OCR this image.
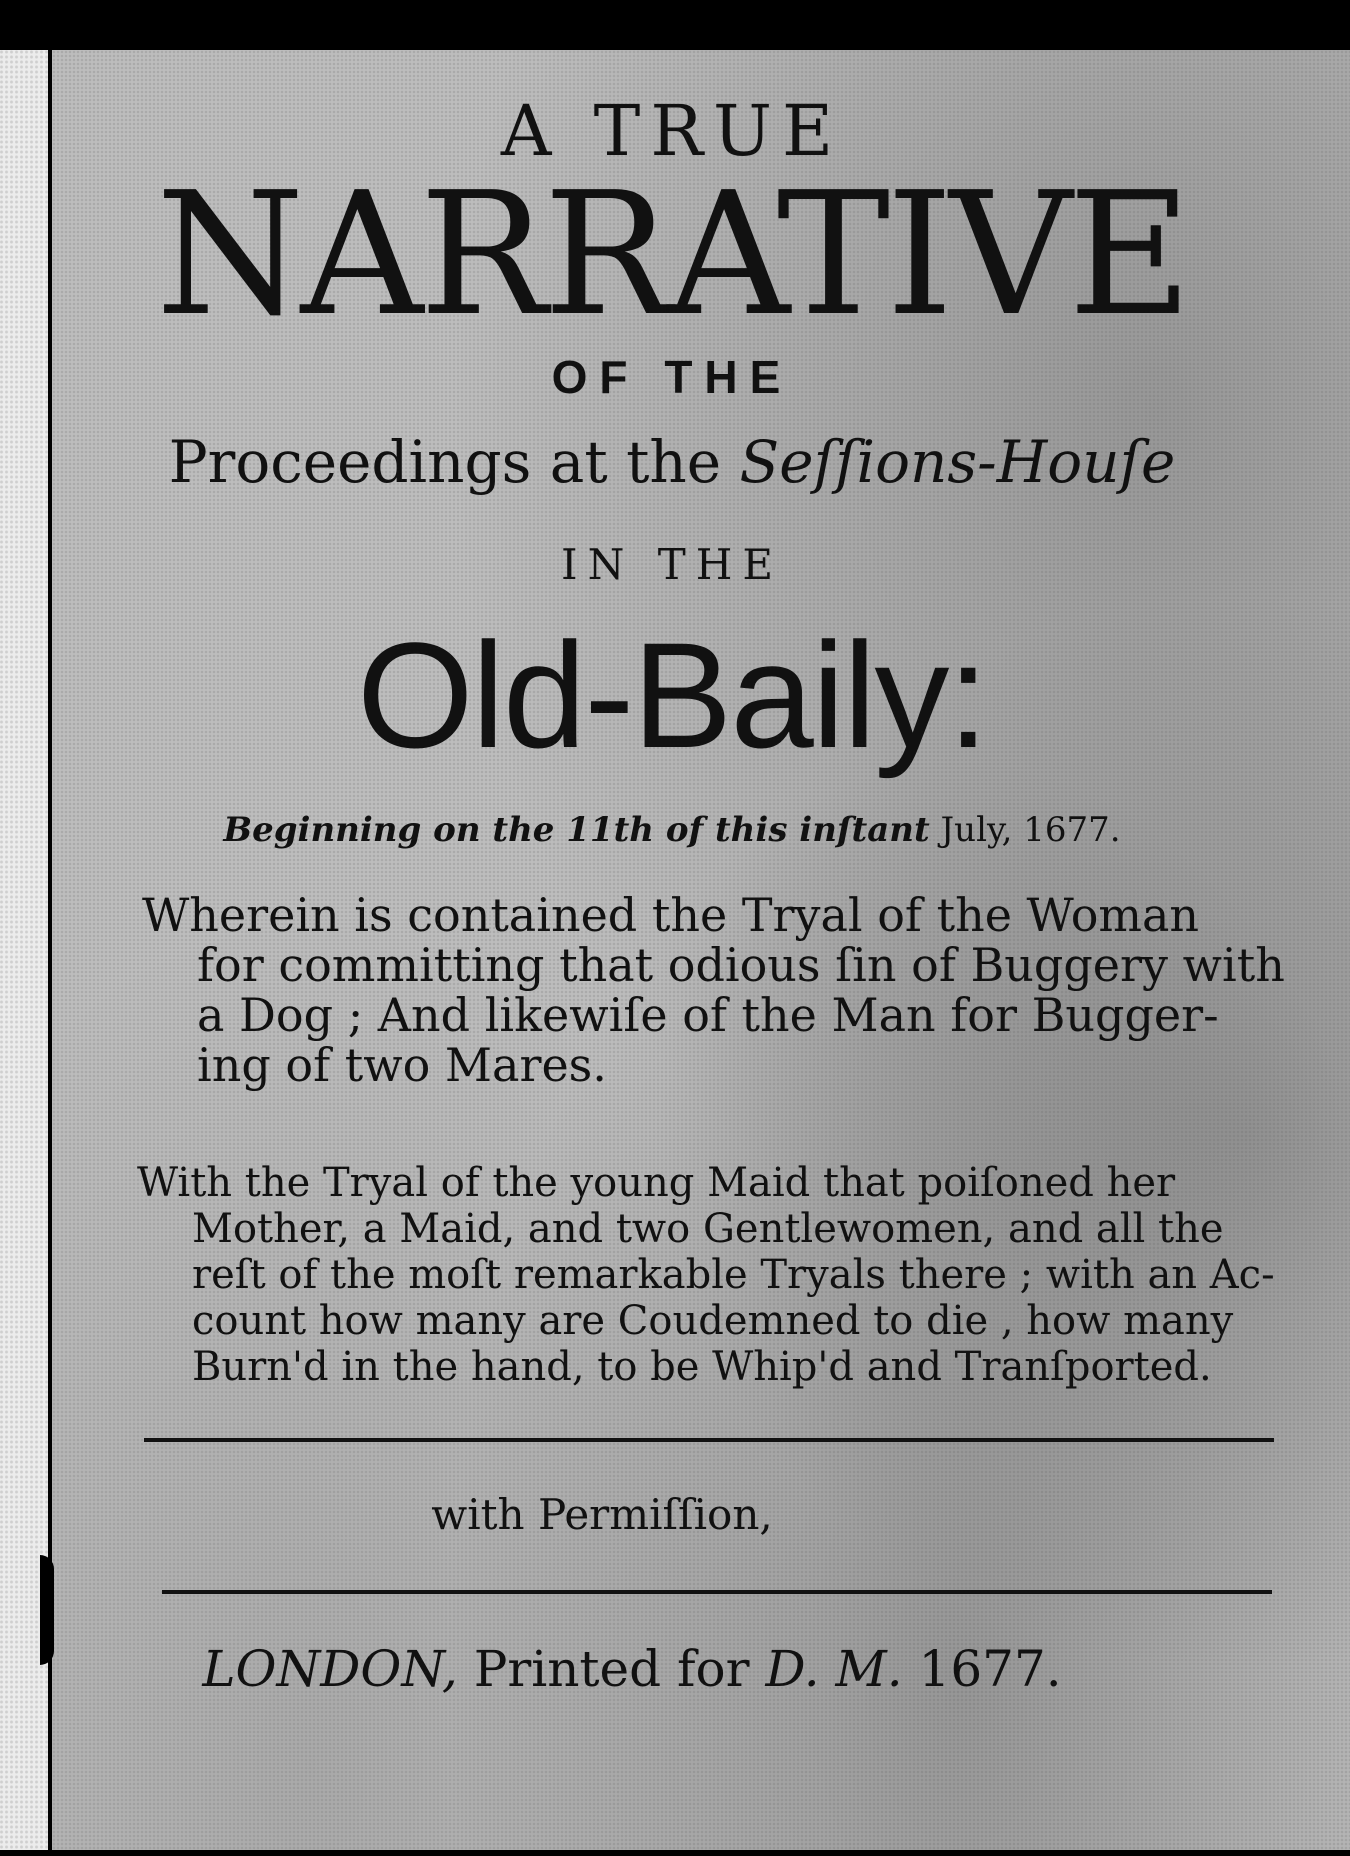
A TRUE
NARRATIVE
OF THE
Proceedings at the Seſſions-Houſe
IN THE
Old-Baily:
Beginning on the 11th of this inſtant July, 1677.
Wherein is contained the Tryal of the Woman
for committing that odious ſin of Buggery with
a Dog ; And likewiſe of the Man for Bugger-
ing of two Mares.
With the Tryal of the young Maid that poiſoned her
Mother, a Maid, and two Gentlewomen, and all the
reſt of the moſt remarkable Tryals there ; with an Ac-
count how many are Coudemned to die , how many
Burn'd in the hand, to be Whip'd and Tranſported.
with Permiſſion,
LONDON, Printed for D. M. 1677.
